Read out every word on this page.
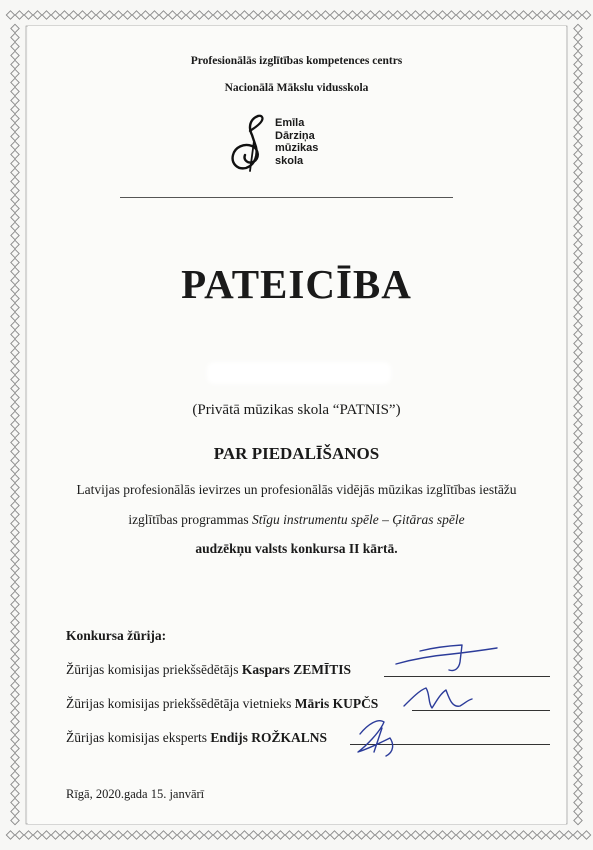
Profesionālās izglītības kompetences centrs
Nacionālā Mākslu vidusskola
Emīla
Dārziņa
mūzikas
skola
PATEICĪBA
(Privātā mūzikas skola “PATNIS”)
PAR PIEDALĪŠANOS
Latvijas profesionālās ievirzes un profesionālās vidējās mūzikas izglītības iestāžu
izglītības programmas Stīgu instrumentu spēle – Ģitāras spēle
audzēkņu valsts konkursa II kārtā.
Konkursa žūrija:
Žūrijas komisijas priekšsēdētājs Kaspars ZEMĪTIS
Žūrijas komisijas priekšsēdētāja vietnieks Māris KUPČS
Žūrijas komisijas eksperts Endijs ROŽKALNS
Rīgā, 2020.gada 15. janvārī
